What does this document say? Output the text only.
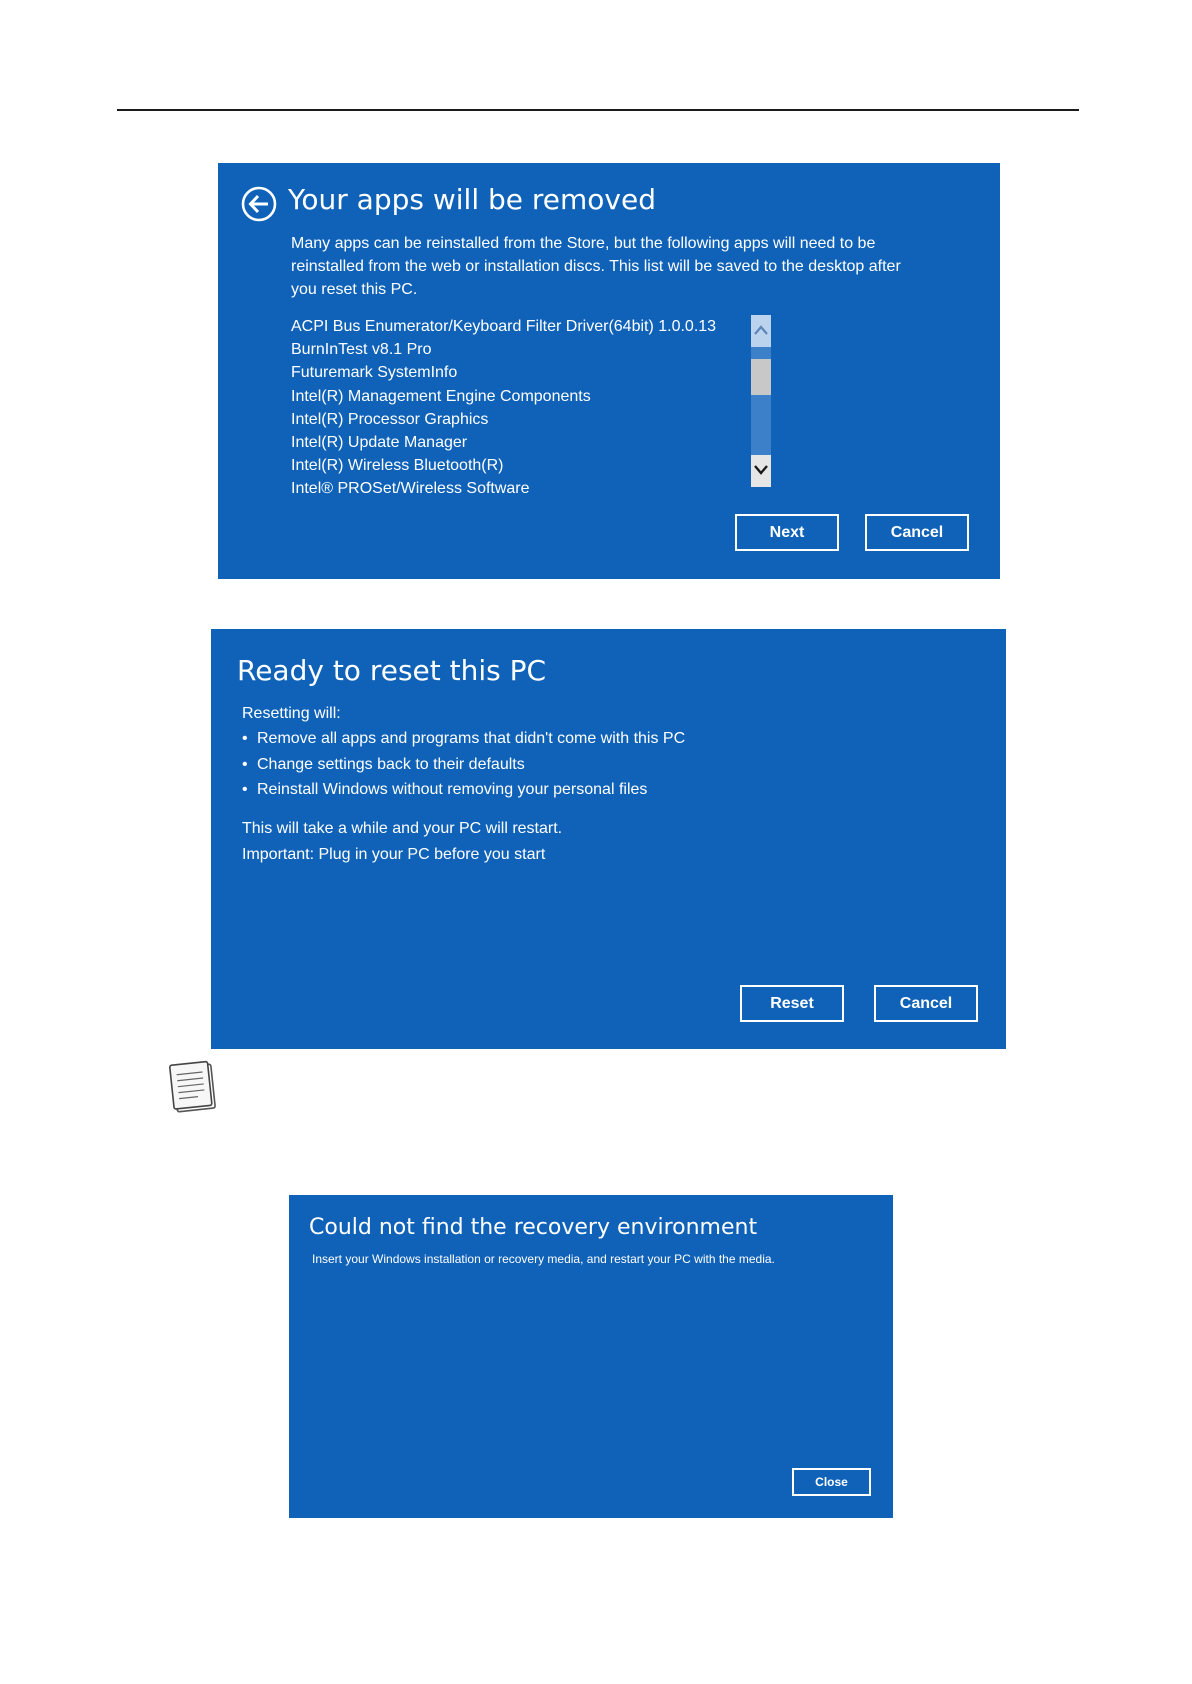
Your apps will be removed
Many apps can be reinstalled from the Store, but the following apps will need to be
reinstalled from the web or installation discs. This list will be saved to the desktop after
you reset this PC.
ACPI Bus Enumerator/Keyboard Filter Driver(64bit) 1.0.0.13
BurnInTest v8.1 Pro
Futuremark SystemInfo
Intel(R) Management Engine Components
Intel(R) Processor Graphics
Intel(R) Update Manager
Intel(R) Wireless Bluetooth(R)
Intel® PROSet/Wireless Software
Next	Cancel
Ready to reset this PC
Resetting will:
• Remove all apps and programs that didn't come with this PC
• Change settings back to their defaults
• Reinstall Windows without removing your personal files
This will take a while and your PC will restart.
Important: Plug in your PC before you start
Reset	Cancel
Could not find the recovery environment
Insert your Windows installation or recovery media, and restart your PC with the media.
Close
